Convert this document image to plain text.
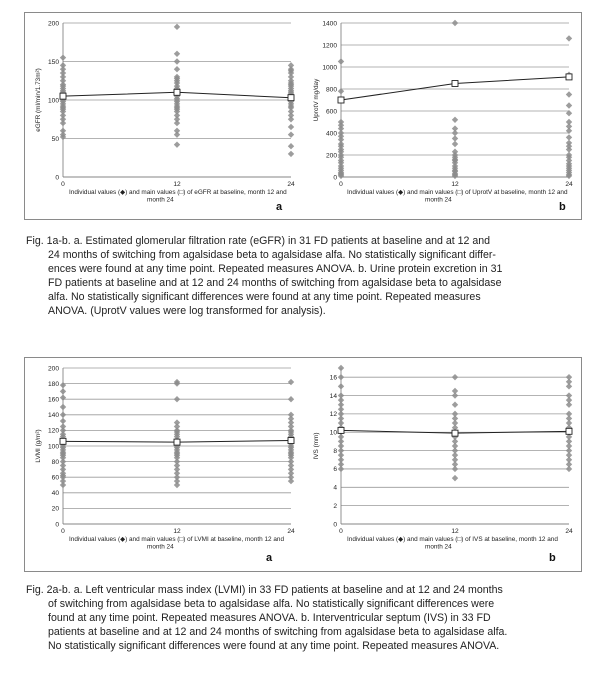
0
50
100
150
200
0	12	24
eGFR (ml/min/1.73m²)
Individual values (◆) and main values (□) of eGFR at baseline, month 12 and
month 24
0
200
400
600
800
1000
1200
1400
0	12	24
UprotV mg/day
Individual values (◆) and main values (□) of UprotV at baseline, month 12 and
month 24
a	b
Fig. 1a-b. a. Estimated glomerular filtration rate (eGFR) in 31 FD patients at baseline and at 12 and
24 months of switching from agalsidase beta to agalsidase alfa. No statistically significant differ-
ences were found at any time point. Repeated measures ANOVA. b. Urine protein excretion in 31
FD patients at baseline and at 12 and 24 months of switching from agalsidase beta to agalsidase
alfa. No statistically significant differences were found at any time point. Repeated measures
ANOVA. (UprotV values were log transformed for analysis).
0
20
40
60
80
100
120
140
160
180
200
0	12	24
LVMI (g/m²)
Individual values (◆) and main values (□) of LVMI at baseline, month 12 and
month 24
0
2
4
6
8
10
12
14
16
0	12	24
IVS (mm)
Individual values (◆) and main values (□) of IVS at baseline, month 12 and
month 24
a	b
Fig. 2a-b. a. Left ventricular mass index (LVMI) in 33 FD patients at baseline and at 12 and 24 months
of switching from agalsidase beta to agalsidase alfa. No statistically significant differences were
found at any time point. Repeated measures ANOVA. b. Interventricular septum (IVS) in 33 FD
patients at baseline and at 12 and 24 months of switching from agalsidase beta to agalsidase alfa.
No statistically significant differences were found at any time point. Repeated measures ANOVA.
